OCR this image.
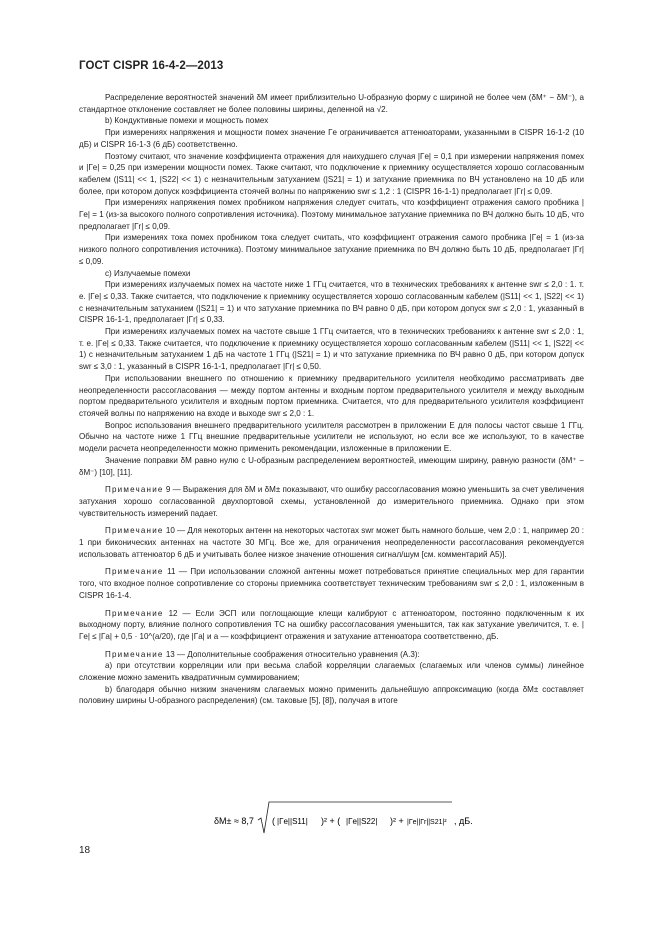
ГОСТ CISPR 16-4-2—2013

Распределение вероятностей значений δM имеет приблизительно U-образную форму с шириной не более чем (δM⁺ − δM⁻), а стандартное отклонение составляет не более половины ширины, деленной на √2.

b) Кондуктивные помехи и мощность помех

При измерениях напряжения и мощности помех значение Γe ограничивается аттенюаторами, указанными в CISPR 16-1-2 (10 дБ) и CISPR 16-1-3 (6 дБ) соответственно.

Поэтому считают, что значение коэффициента отражения для наихудшего случая |Γe| = 0,1 при измерении напряжения помех и |Γe| = 0,25 при измерении мощности помех. Также считают, что подключение к приемнику осуществляется хорошо согласованным кабелем (|S11| << 1, |S22| << 1) с незначительным затуханием (|S21| = 1) и затухание приемника по ВЧ установлено на 10 дБ или более, при котором допуск коэффициента стоячей волны по напряжению swr ≤ 1,2 : 1 (CISPR 16-1-1) предполагает |Γr| ≤ 0,09.

При измерениях напряжения помех пробником напряжения следует считать, что коэффициент отражения самого пробника |Γe| = 1 (из-за высокого полного сопротивления источника). Поэтому минимальное затухание приемника по ВЧ должно быть 10 дБ, что предполагает |Γr| ≤ 0,09.

При измерениях тока помех пробником тока следует считать, что коэффициент отражения самого пробника |Γe| = 1 (из-за низкого полного сопротивления источника). Поэтому минимальное затухание приемника по ВЧ должно быть 10 дБ, предполагает |Γr| ≤ 0,09.

c) Излучаемые помехи

При измерениях излучаемых помех на частоте ниже 1 ГГц считается, что в технических требованиях к антенне swr ≤ 2,0 : 1. т. е. |Γe| ≤ 0,33. Также считается, что подключение к приемнику осуществляется хорошо согласованным кабелем (|S11| << 1, |S22| << 1) с незначительным затуханием (|S21| = 1) и что затухание приемника по ВЧ равно 0 дБ, при котором допуск swr ≤ 2,0 : 1, указанный в CISPR 16-1-1, предполагает |Γr| ≤ 0,33.

При измерениях излучаемых помех на частоте свыше 1 ГГц считается, что в технических требованиях к антенне swr ≤ 2,0 : 1, т. е. |Γe| ≤ 0,33. Также считается, что подключение к приемнику осуществляется хорошо согласованным кабелем (|S11| << 1, |S22| << 1) с незначительным затуханием 1 дБ на частоте 1 ГГц (|S21| = 1) и что затухание приемника по ВЧ равно 0 дБ, при котором допуск swr ≤ 3,0 : 1, указанный в CISPR 16-1-1, предполагает |Γr| ≤ 0,50.

При использовании внешнего по отношению к приемнику предварительного усилителя необходимо рассматривать две неопределенности рассогласования — между портом антенны и входным портом предварительного усилителя и между выходным портом предварительного усилителя и входным портом приемника. Считается, что для предварительного усилителя коэффициент стоячей волны по напряжению на входе и выходе swr ≤ 2,0 : 1.

Вопрос использования внешнего предварительного усилителя рассмотрен в приложении E для полосы частот свыше 1 ГГц. Обычно на частоте ниже 1 ГГц внешние предварительные усилители не используют, но если все же используют, то в качестве модели расчета неопределенности можно применить рекомендации, изложенные в приложении E.

Значение поправки δM равно нулю с U-образным распределением вероятностей, имеющим ширину, равную разности (δM⁺ − δM⁻) [10], [11].

Примечание 9 — Выражения для δM и δM± показывают, что ошибку рассогласования можно уменьшить за счет увеличения затухания хорошо согласованной двухпортовой схемы, установленной до измерительного приемника. Однако при этом чувствительность измерений падает.

Примечание 10 — Для некоторых антенн на некоторых частотах swr может быть намного больше, чем 2,0 : 1, например 20 : 1 при биконических антеннах на частоте 30 МГц. Все же, для ограничения неопределенности рассогласования рекомендуется использовать аттенюатор 6 дБ и учитывать более низкое значение отношения сигнал/шум [см. комментарий A5)].

Примечание 11 — При использовании сложной антенны может потребоваться принятие специальных мер для гарантии того, что входное полное сопротивление со стороны приемника соответствует техническим требованиям swr ≤ 2,0 : 1, изложенным в CISPR 16-1-4.

Примечание 12 — Если ЭСП или поглощающие клещи калибруют с аттенюатором, постоянно подключенным к их выходному порту, влияние полного сопротивления ТС на ошибку рассогласования уменьшится, так как затухание увеличится, т. е. |Γe| ≤ |Γa| + 0,5 · 10^(a/20), где |Γa| и a — коэффициент отражения и затухание аттенюатора соответственно, дБ.

Примечание 13 — Дополнительные соображения относительно уравнения (A.3):

a) при отсутствии корреляции или при весьма слабой корреляции слагаемых (слагаемых или членов суммы) линейное сложение можно заменить квадратичным суммированием;

b) благодаря обычно низким значениям слагаемых можно применить дальнейшую аппроксимацию (когда δM± составляет половину ширины U-образного распределения) (см. таковые [5], [8]), получая в итоге

δM± ≈ 8,7 ( |Γe||S11| )² + ( |Γe||S22| )² + |Γe||Γr||S21|² , дБ.
18
